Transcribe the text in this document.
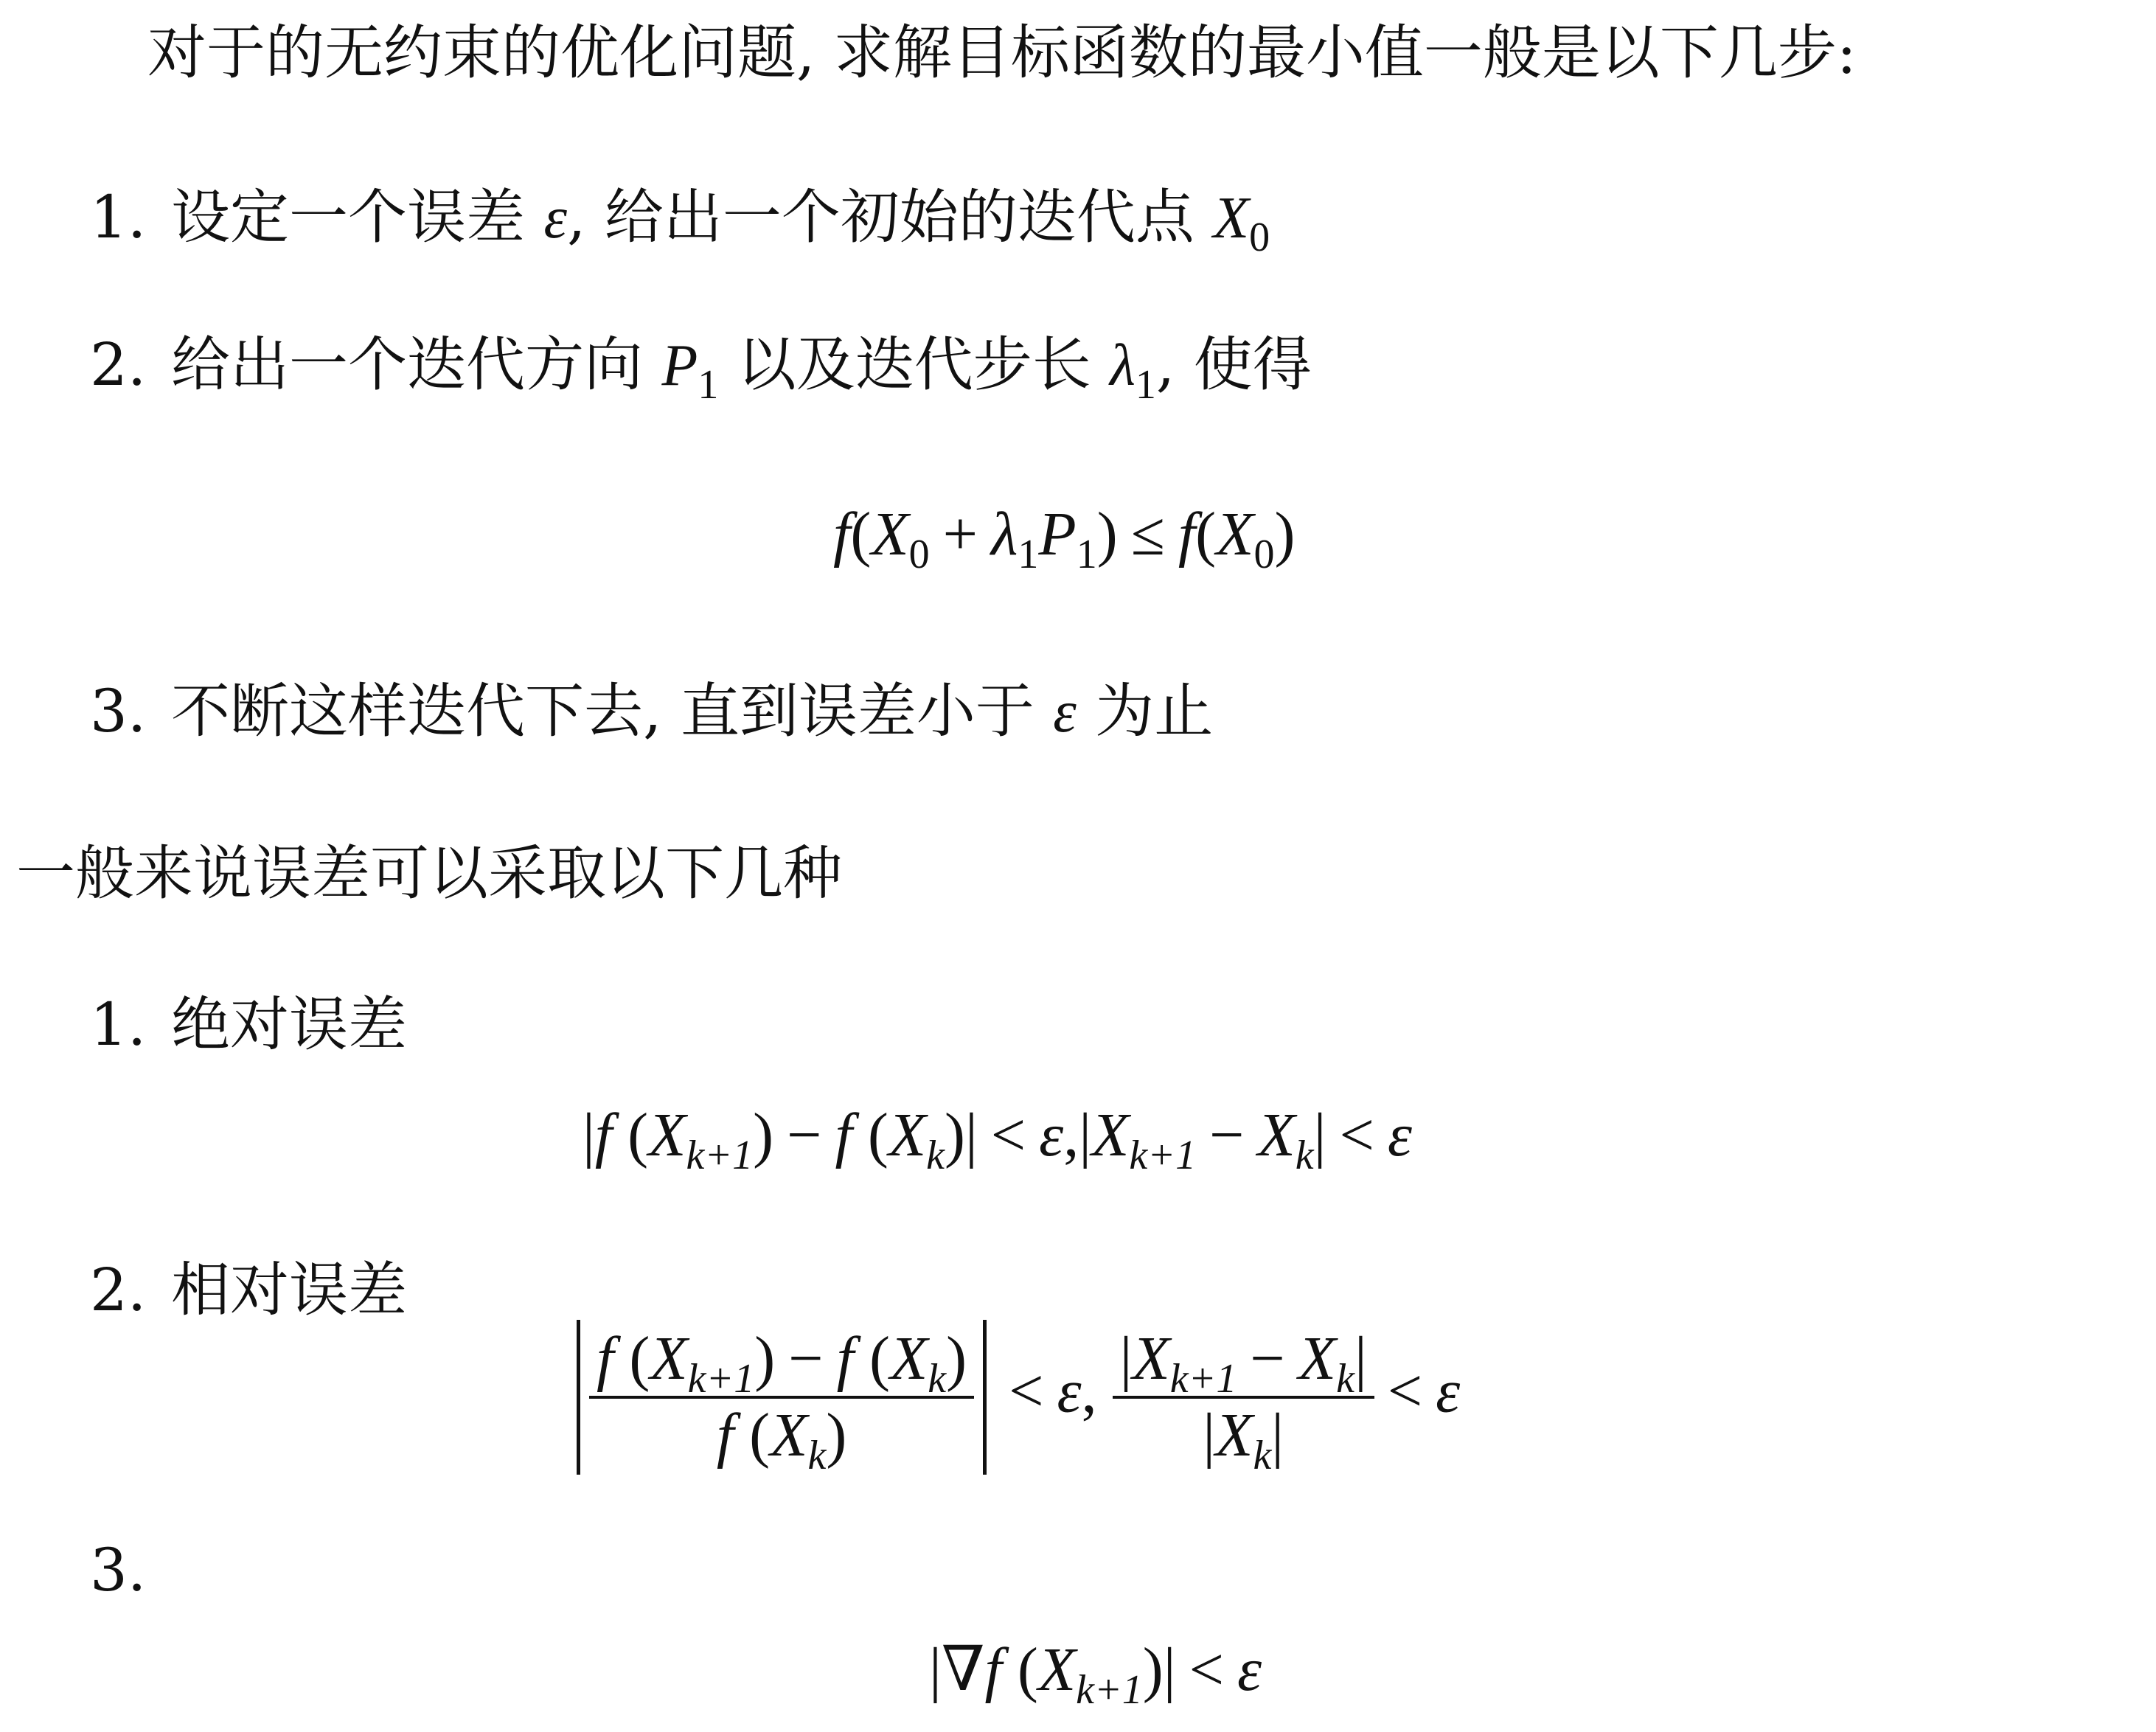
对于的无约束的优化问题, 求解目标函数的最小值一般是以下几步:
1. 设定一个误差 ε, 给出一个初始的迭代点 $X_0$
2. 给出一个迭代方向 $P_1$ 以及迭代步长 $\lambda_1$, 使得
$f(X_0 + \lambda_1P_1) \le f(X_0)$
3. 不断这样迭代下去, 直到误差小于 ε 为止
一般来说误差可以采取以下几种
1. 绝对误差
|f $(X_{k+1}) - f$ $(X_k)| < \varepsilon,|X_{k+1} - X_k| < \varepsilon$
2. 相对误差
$\frac{f (X_{k+1}) - f (X_k)}{f (X_k)} < \varepsilon$, $\frac{|X_{k+1} - X_k|}{|X_k|} < \varepsilon$
3.
|∇f $(X_{k+1})| < \varepsilon$
